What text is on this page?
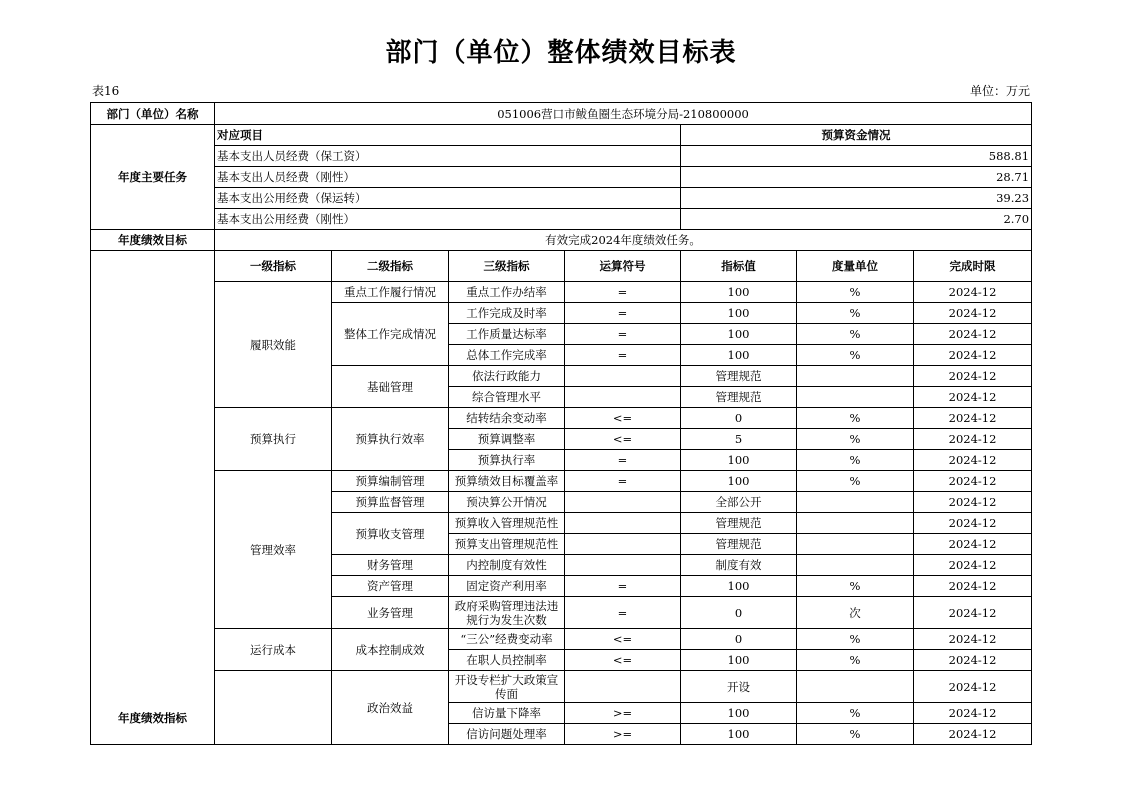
部门（单位）整体绩效目标表
表16	单位：万元
部门（单位）名称	051006营口市鲅鱼圈生态环境分局-210800000						
年度主要任务	对应项目				预算资金情况		
	基本支出人员经费（保工资）				588.81		
	基本支出人员经费（刚性）				28.71		
	基本支出公用经费（保运转）				39.23		
	基本支出公用经费（刚性）				2.70		
年度绩效目标	有效完成2024年度绩效任务。						
年度绩效指标	一级指标	二级指标	三级指标	运算符号	指标值	度量单位	完成时限
	履职效能	重点工作履行情况	重点工作办结率	=	100	%	2024-12
		整体工作完成情况	工作完成及时率	=	100	%	2024-12
			工作质量达标率	=	100	%	2024-12
			总体工作完成率	=	100	%	2024-12
		基础管理	依法行政能力		管理规范		2024-12
			综合管理水平		管理规范		2024-12
	预算执行	预算执行效率	结转结余变动率	<=	0	%	2024-12
			预算调整率	<=	5	%	2024-12
			预算执行率	=	100	%	2024-12
	管理效率	预算编制管理	预算绩效目标覆盖率	=	100	%	2024-12
		预算监督管理	预决算公开情况		全部公开		2024-12
		预算收支管理	预算收入管理规范性		管理规范		2024-12
			预算支出管理规范性		管理规范		2024-12
		财务管理	内控制度有效性		制度有效		2024-12
		资产管理	固定资产利用率	=	100	%	2024-12
		业务管理	政府采购管理违法违规行为发生次数	=	0	次	2024-12
	运行成本	成本控制成效	“三公”经费变动率	<=	0	%	2024-12
			在职人员控制率	<=	100	%	2024-12
		政治效益	开设专栏扩大政策宣传面		开设		2024-12
			信访量下降率	>=	100	%	2024-12
			信访问题处理率	>=	100	%	2024-12
